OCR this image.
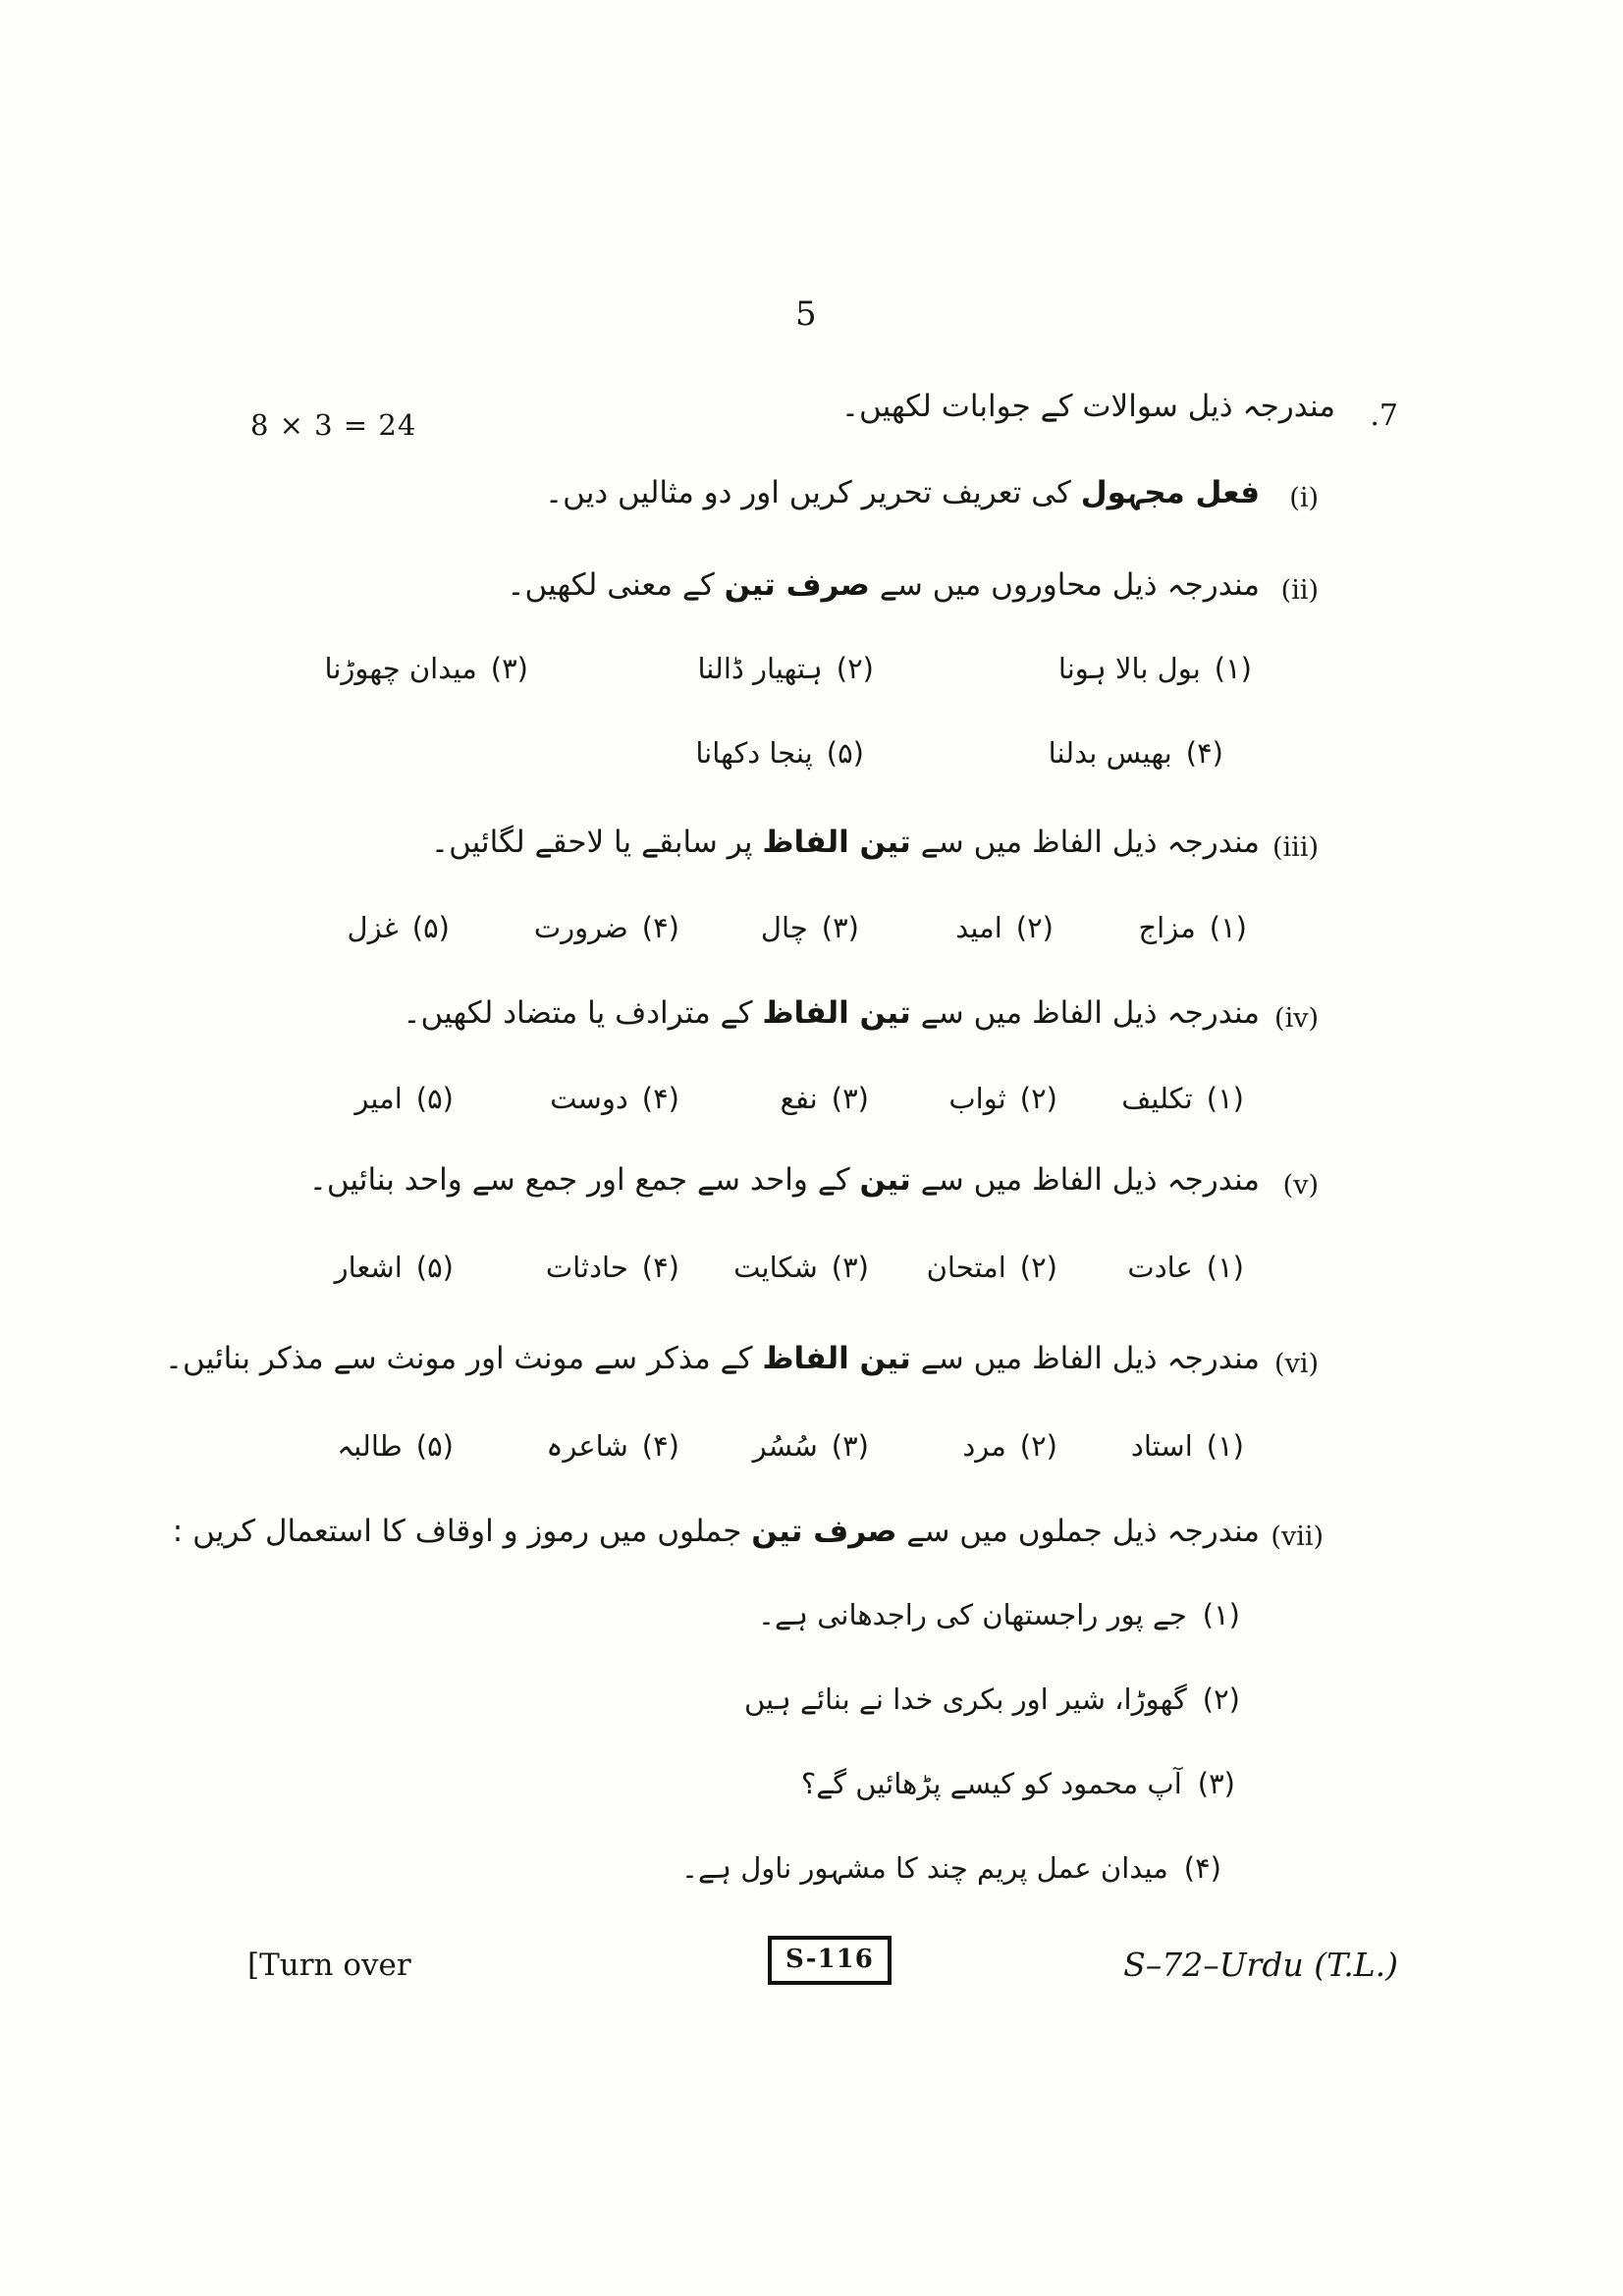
5
8 × 3 = 24	.7
مندرجہ ذیل سوالات کے جوابات لکھیں۔
(i)
فعل مجہول کی تعریف تحریر کریں اور دو مثالیں دیں۔
(ii)
مندرجہ ذیل محاوروں میں سے صرف تین کے معنی لکھیں۔
(۱)بول بالا ہونا
(۲)ہتھیار ڈالنا
(۳)میدان چھوڑنا
(۴)بھیس بدلنا
(۵)پنجا دکھانا
(iii)
مندرجہ ذیل الفاظ میں سے تین الفاظ پر سابقے یا لاحقے لگائیں۔
(۱)مزاج
(۲)امید
(۳)چال
(۴)ضرورت
(۵)غزل
(iv)
مندرجہ ذیل الفاظ میں سے تین الفاظ کے مترادف یا متضاد لکھیں۔
(۱)تکلیف
(۲)ثواب
(۳)نفع
(۴)دوست
(۵)امیر
(v)
مندرجہ ذیل الفاظ میں سے تین کے واحد سے جمع اور جمع سے واحد بنائیں۔
(۱)عادت
(۲)امتحان
(۳)شکایت
(۴)حادثات
(۵)اشعار
(vi)
مندرجہ ذیل الفاظ میں سے تین الفاظ کے مذکر سے مونث اور مونث سے مذکر بنائیں۔
(۱)استاد
(۲)مرد
(۳)سُسُر
(۴)شاعرہ
(۵)طالبہ
(vii)
مندرجہ ذیل جملوں میں سے صرف تین جملوں میں رموز و اوقاف کا استعمال کریں :
(۱)جے پور راجستھان کی راجدھانی ہے۔
(۲)گھوڑا، شیر اور بکری خدا نے بنائے ہیں
(۳)آپ محمود کو کیسے پڑھائیں گے؟
(۴)میدان عمل پریم چند کا مشہور ناول ہے۔
[Turn over	S-116	S–72–Urdu (T.L.)
